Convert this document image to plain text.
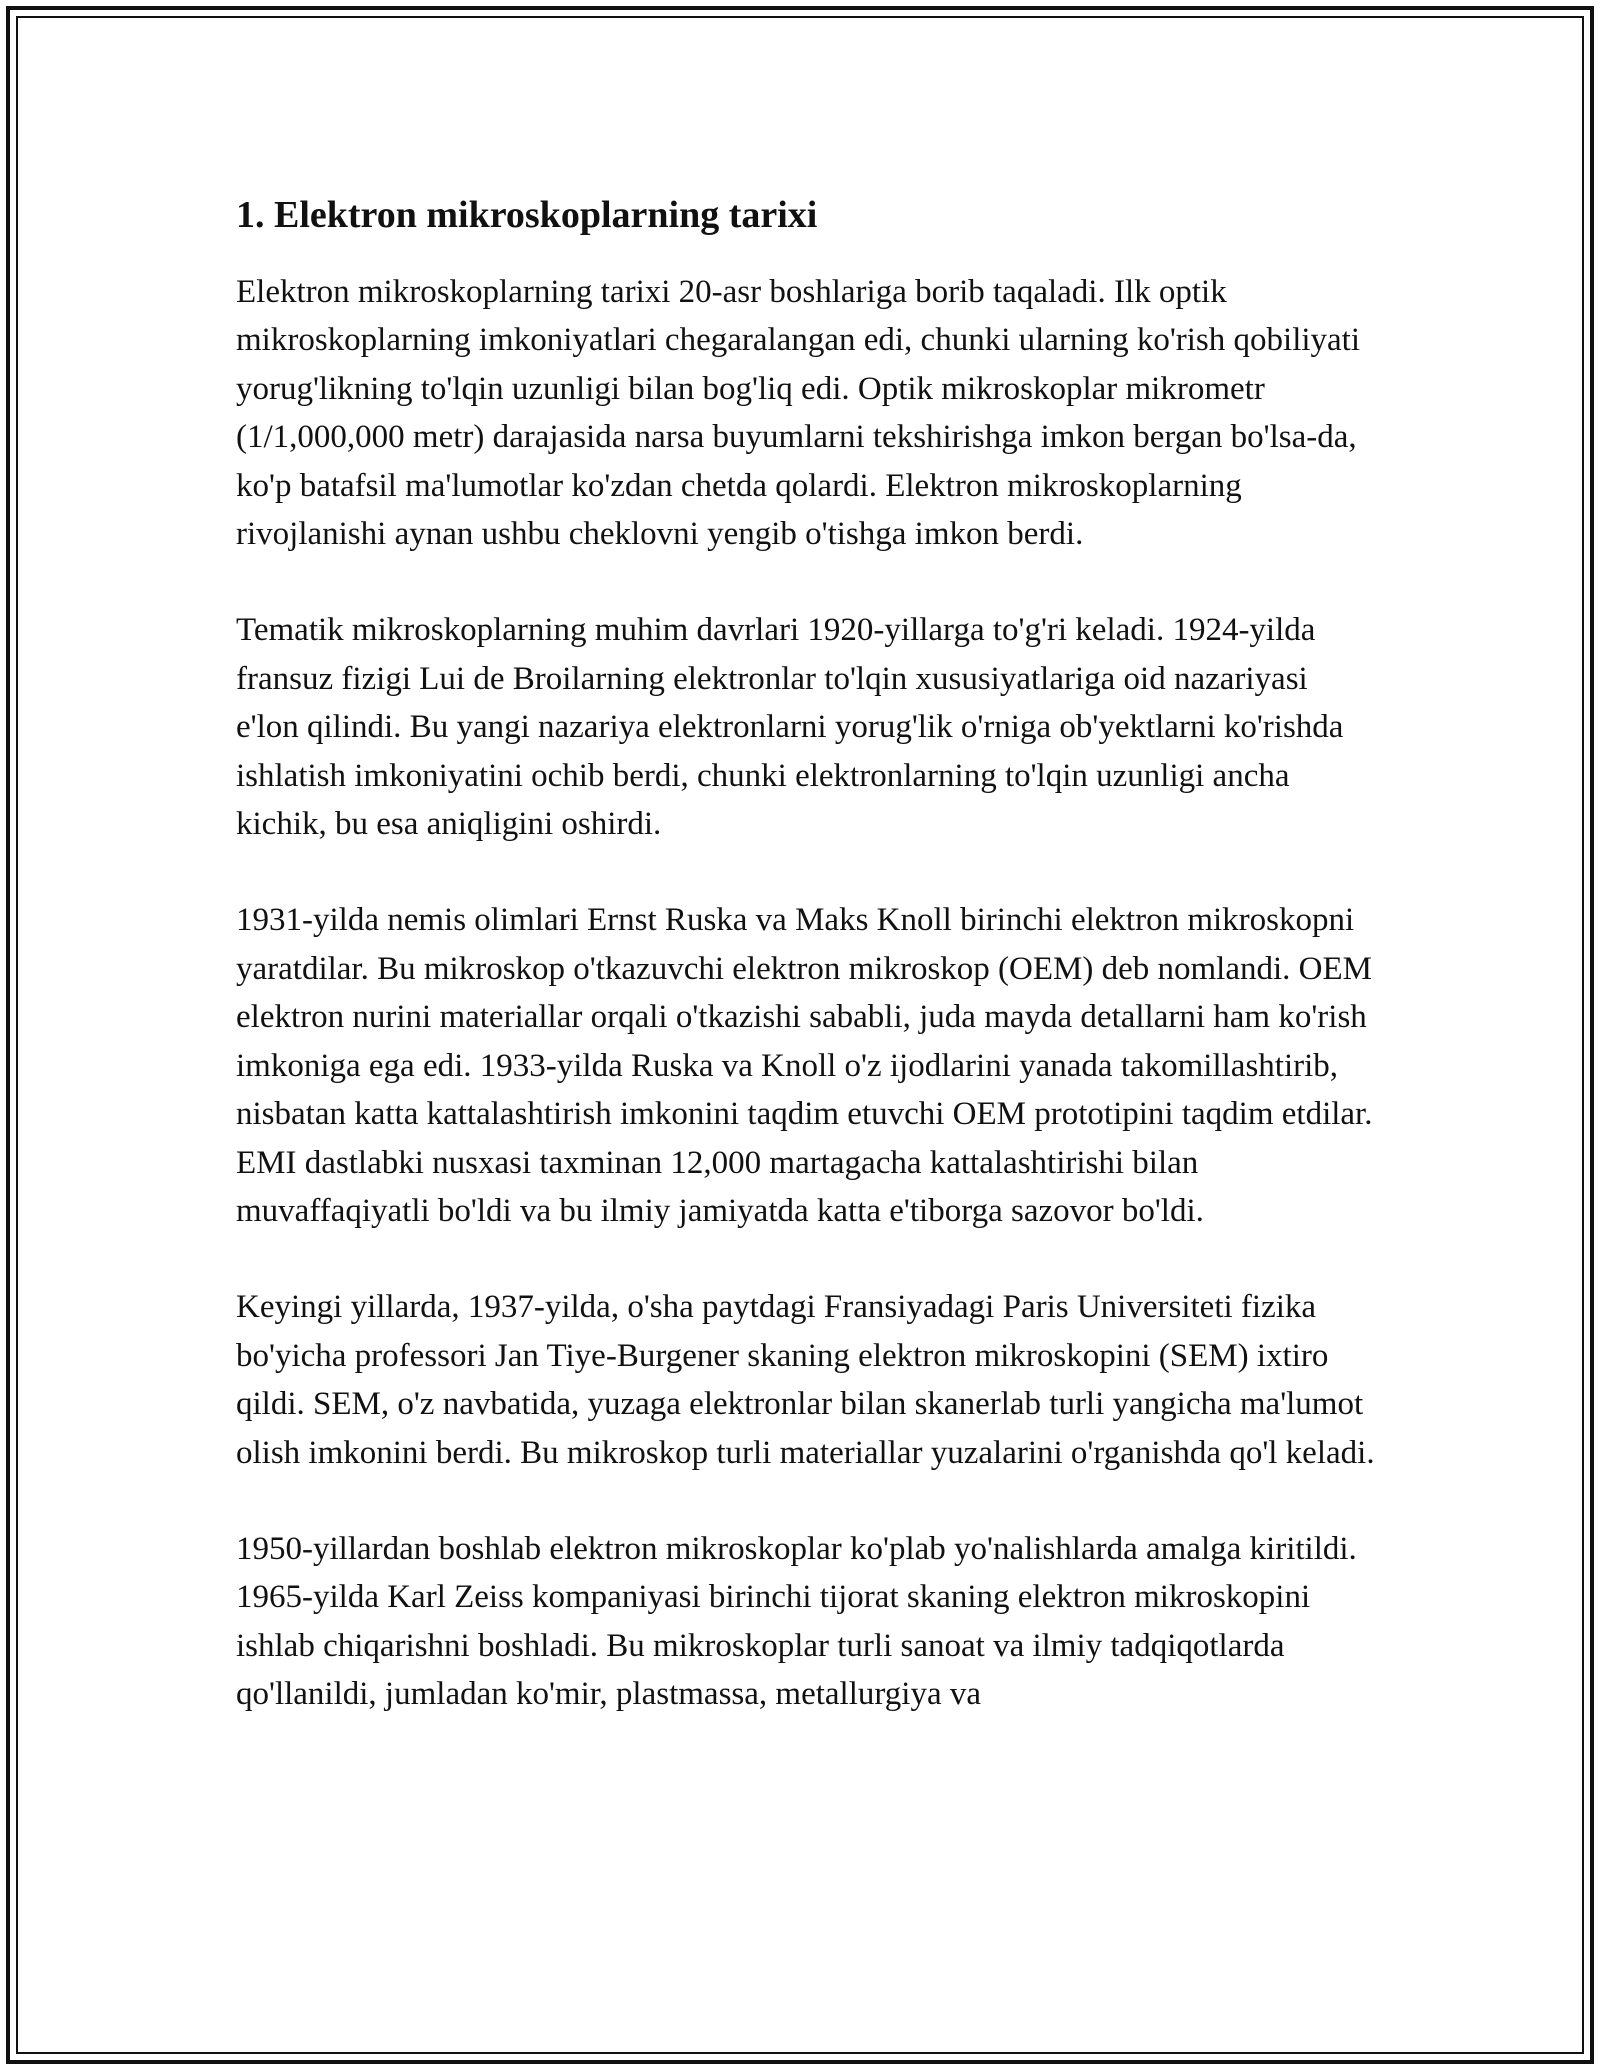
1. Elektron mikroskoplarning tarixi

Elektron mikroskoplarning tarixi 20-asr boshlariga borib taqaladi. Ilk optik mikroskoplarning imkoniyatlari chegaralangan edi, chunki ularning ko'rish qobiliyati yorug'likning to'lqin uzunligi bilan bog'liq edi. Optik mikroskoplar mikrometr (1/1,000,000 metr) darajasida narsa buyumlarni tekshirishga imkon bergan bo'lsa-da, ko'p batafsil ma'lumotlar ko'zdan chetda qolardi. Elektron mikroskoplarning rivojlanishi aynan ushbu cheklovni yengib o'tishga imkon berdi.

Tematik mikroskoplarning muhim davrlari 1920-yillarga to'g'ri keladi. 1924-yilda fransuz fizigi Lui de Broilarning elektronlar to'lqin xususiyatlariga oid nazariyasi e'lon qilindi. Bu yangi nazariya elektronlarni yorug'lik o'rniga ob'yektlarni ko'rishda ishlatish imkoniyatini ochib berdi, chunki elektronlarning to'lqin uzunligi ancha kichik, bu esa aniqligini oshirdi.

1931-yilda nemis olimlari Ernst Ruska va Maks Knoll birinchi elektron mikroskopni yaratdilar. Bu mikroskop o'tkazuvchi elektron mikroskop (OEM) deb nomlandi. OEM elektron nurini materiallar orqali o'tkazishi sababli, juda mayda detallarni ham ko'rish imkoniga ega edi. 1933-yilda Ruska va Knoll o'z ijodlarini yanada takomillashtirib, nisbatan katta kattalashtirish imkonini taqdim etuvchi OEM prototipini taqdim etdilar. EMI dastlabki nusxasi taxminan 12,000 martagacha kattalashtirishi bilan muvaffaqiyatli bo'ldi va bu ilmiy jamiyatda katta e'tiborga sazovor bo'ldi.

Keyingi yillarda, 1937-yilda, o'sha paytdagi Fransiyadagi Paris Universiteti fizika bo'yicha professori Jan Tiye-Burgener skaning elektron mikroskopini (SEM) ixtiro qildi. SEM, o'z navbatida, yuzaga elektronlar bilan skanerlab turli yangicha ma'lumot olish imkonini berdi. Bu mikroskop turli materiallar yuzalarini o'rganishda qo'l keladi.

1950-yillardan boshlab elektron mikroskoplar ko'plab yo'nalishlarda amalga kiritildi. 1965-yilda Karl Zeiss kompaniyasi birinchi tijorat skaning elektron mikroskopini ishlab chiqarishni boshladi. Bu mikroskoplar turli sanoat va ilmiy tadqiqotlarda qo'llanildi, jumladan ko'mir, plastmassa, metallurgiya va
